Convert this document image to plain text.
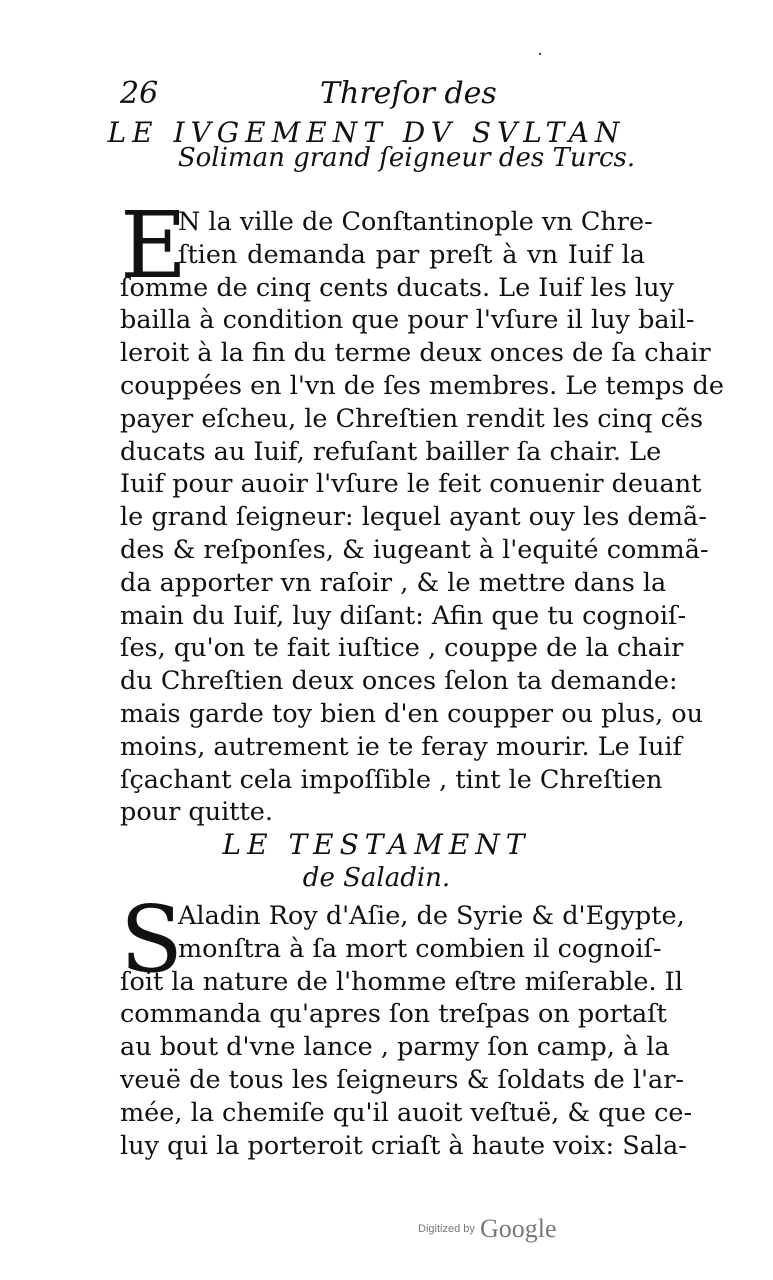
·
26	Threſor des
LE IVGEMENT DV SVLTAN
Soliman grand ſeigneur des Turcs.
E
N la ville de Conſtantinople vn Chre-
ſtien demanda par preſt à vn Iuif la
ſomme de cinq cents ducats. Le Iuif les luy
bailla à condition que pour l'vſure il luy bail-
leroit à la fin du terme deux onces de ſa chair
couppées en l'vn de ſes membres. Le temps de
payer eſcheu, le Chreſtien rendit les cinq cẽs
ducats au Iuif, refuſant bailler ſa chair. Le
Iuif pour auoir l'vſure le feit conuenir deuant
le grand ſeigneur: lequel ayant ouy les demã-
des & reſponſes, & iugeant à l'equité commã-
da apporter vn raſoir , & le mettre dans la
main du Iuif, luy diſant: Afin que tu cognoiſ-
ſes, qu'on te fait iuſtice , couppe de la chair
du Chreſtien deux onces ſelon ta demande:
mais garde toy bien d'en coupper ou plus, ou
moins, autrement ie te feray mourir. Le Iuif
ſçachant cela impoſſible , tint le Chreſtien
pour quitte.
LE TESTAMENT
de Saladin.
S
Aladin Roy d'Aſie, de Syrie & d'Egypte,
monſtra à ſa mort combien il cognoiſ-
ſoit la nature de l'homme eſtre miſerable. Il
commanda qu'apres ſon treſpas on portaſt
au bout d'vne lance , parmy ſon camp, à la
veuë de tous les ſeigneurs & ſoldats de l'ar-
mée, la chemiſe qu'il auoit veſtuë, & que ce-
luy qui la porteroit criaſt à haute voix: Sala-
Digitized by Google
